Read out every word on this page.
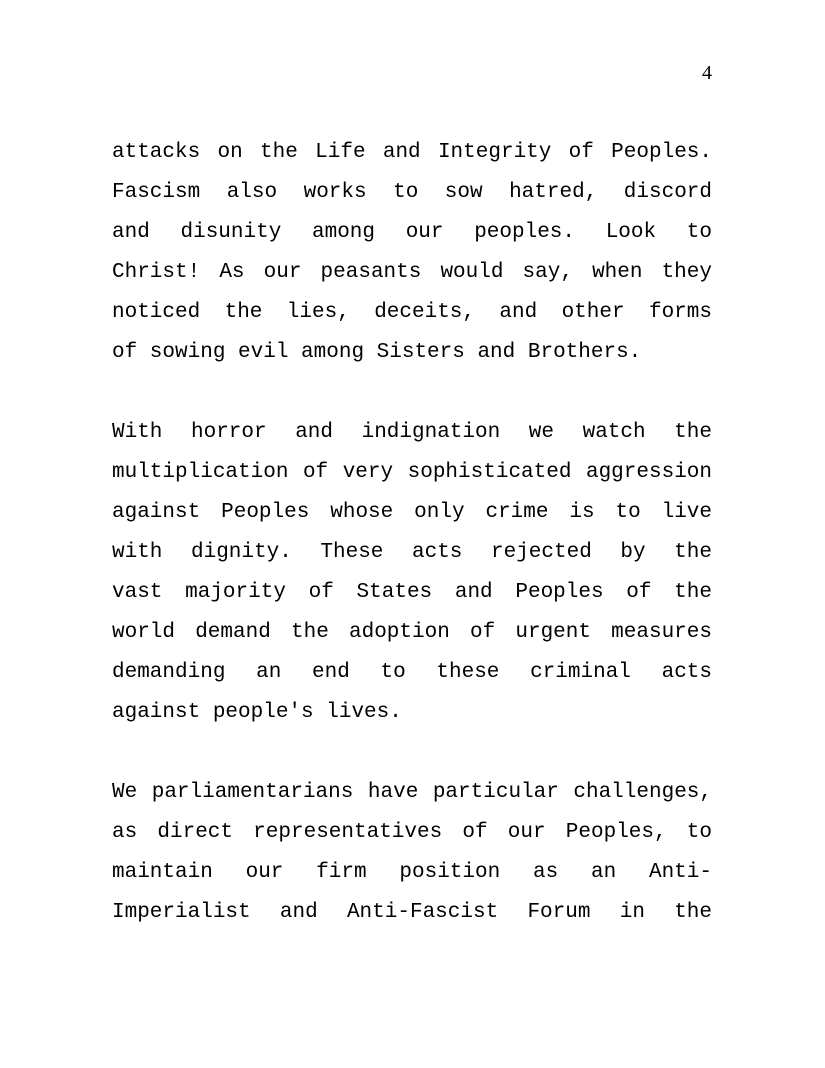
4
attacks on the Life and Integrity of Peoples.
Fascism also works to sow hatred, discord
and disunity among our peoples. Look to
Christ! As our peasants would say, when they
noticed the lies, deceits, and other forms
of sowing evil among Sisters and Brothers.
With horror and indignation we watch the
multiplication of very sophisticated aggression
against Peoples whose only crime is to live
with dignity. These acts rejected by the
vast majority of States and Peoples of the
world demand the adoption of urgent measures
demanding an end to these criminal acts
against people's lives.
We parliamentarians have particular challenges,
as direct representatives of our Peoples, to
maintain our firm position as an Anti-
Imperialist and Anti-Fascist Forum in the
